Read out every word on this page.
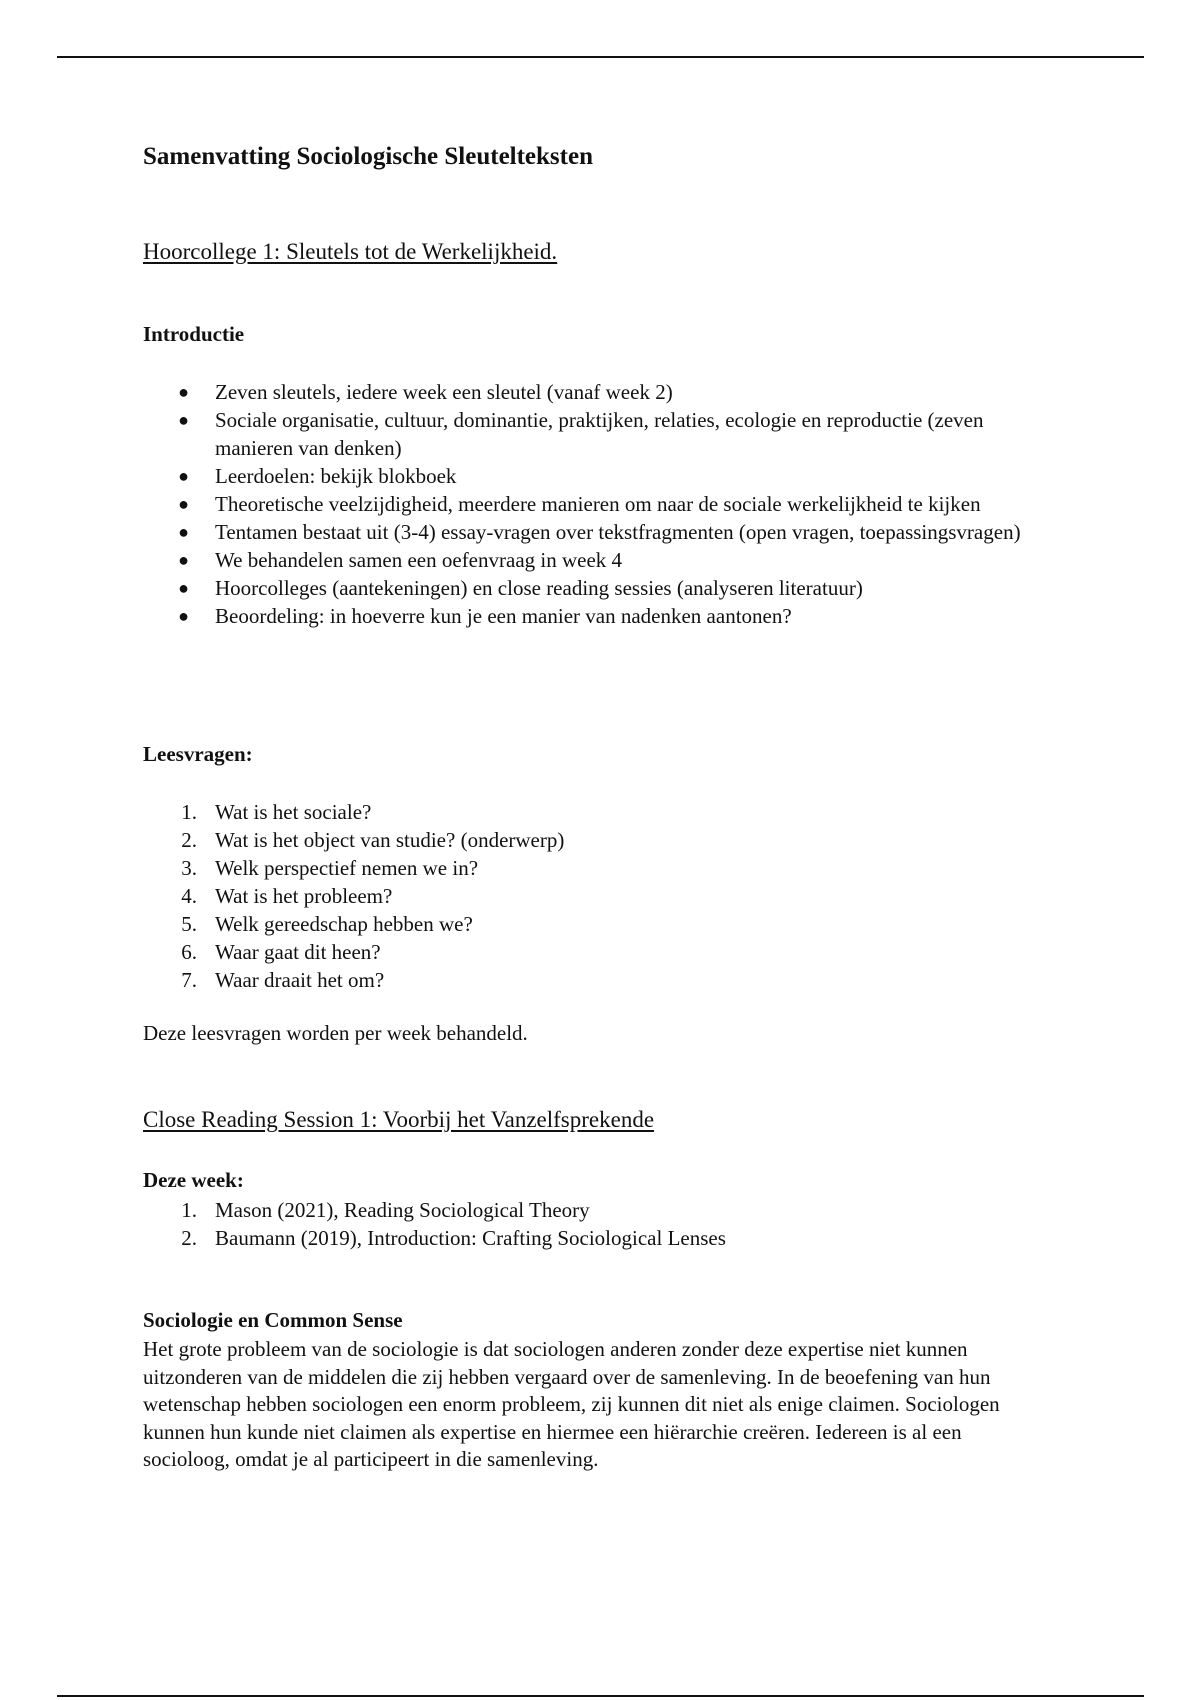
Samenvatting Sociologische Sleutelteksten
Hoorcollege 1: Sleutels tot de Werkelijkheid.
Introductie
● Zeven sleutels, iedere week een sleutel (vanaf week 2)
● Sociale organisatie, cultuur, dominantie, praktijken, relaties, ecologie en reproductie (zeven manieren van denken)
● Leerdoelen: bekijk blokboek
● Theoretische veelzijdigheid, meerdere manieren om naar de sociale werkelijkheid te kijken
● Tentamen bestaat uit (3-4) essay-vragen over tekstfragmenten (open vragen, toepassingsvragen)
● We behandelen samen een oefenvraag in week 4
● Hoorcolleges (aantekeningen) en close reading sessies (analyseren literatuur)
● Beoordeling: in hoeverre kun je een manier van nadenken aantonen?
Leesvragen:
1. Wat is het sociale?
2. Wat is het object van studie? (onderwerp)
3. Welk perspectief nemen we in?
4. Wat is het probleem?
5. Welk gereedschap hebben we?
6. Waar gaat dit heen?
7. Waar draait het om?

Deze leesvragen worden per week behandeld.

Close Reading Session 1: Voorbij het Vanzelfsprekende
Deze week:
1. Mason (2021), Reading Sociological Theory
2. Baumann (2019), Introduction: Crafting Sociological Lenses
Sociologie en Common Sense

Het grote probleem van de sociologie is dat sociologen anderen zonder deze expertise niet kunnen uitzonderen van de middelen die zij hebben vergaard over de samenleving. In de beoefening van hun wetenschap hebben sociologen een enorm probleem, zij kunnen dit niet als enige claimen. Sociologen kunnen hun kunde niet claimen als expertise en hiermee een hiërarchie creëren. Iedereen is al een socioloog, omdat je al participeert in die samenleving.
